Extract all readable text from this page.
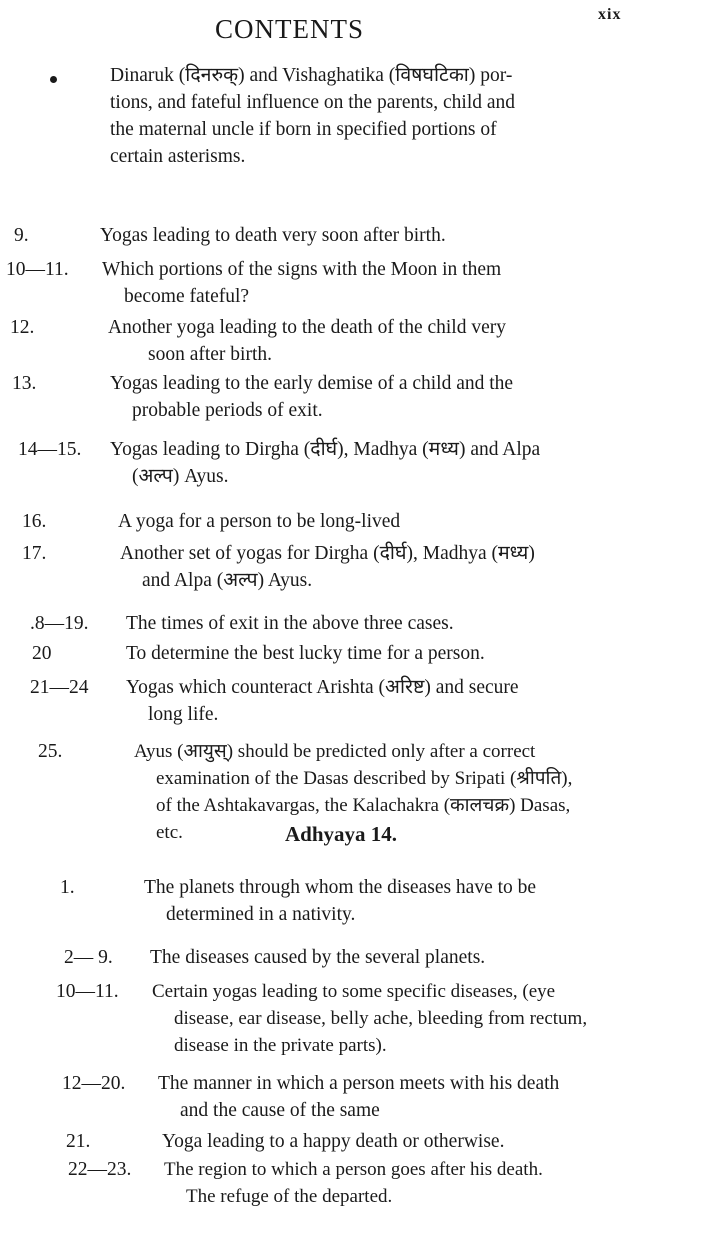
xix
CONTENTS
Dinaruk (दिनरुक्) and Vishaghatika (विषघटिका) por-
tions, and fateful influence on the parents, child and
the maternal uncle if born in specified portions of
certain asterisms.
9.	Yogas leading to death very soon after birth.
10—11. Which portions of the signs with the Moon in them
become fateful?
12.	Another yoga leading to the death of the child very
soon after birth.
13.	Yogas leading to the early demise of a child and the
probable periods of exit.
14—15. Yogas leading to Dirgha (दीर्घ), Madhya (मध्य) and Alpa
(अल्प) Ayus.
16.	A yoga for a person to be long-lived
17.	Another set of yogas for Dirgha (दीर्घ), Madhya (मध्य)
and Alpa (अल्प) Ayus.
.8—19. The times of exit in the above three cases.
20	To determine the best lucky time for a person.
21—24 Yogas which counteract Arishta (अरिष्ट) and secure
long life.
25.	Ayus (आयुस्) should be predicted only after a correct
examination of the Dasas described by Sripati (श्रीपति),
of the Ashtakavargas, the Kalachakra (कालचक्र) Dasas,
etc.	Adhyaya 14.
1.	The planets through whom the diseases have to be
determined in a nativity.
2— 9. The diseases caused by the several planets.
10—11. Certain yogas leading to some specific diseases, (eye
disease, ear disease, belly ache, bleeding from rectum,
disease in the private parts).
12—20. The manner in which a person meets with his death
and the cause of the same
21.	Yoga leading to a happy death or otherwise.
22—23. The region to which a person goes after his death.
The refuge of the departed.
